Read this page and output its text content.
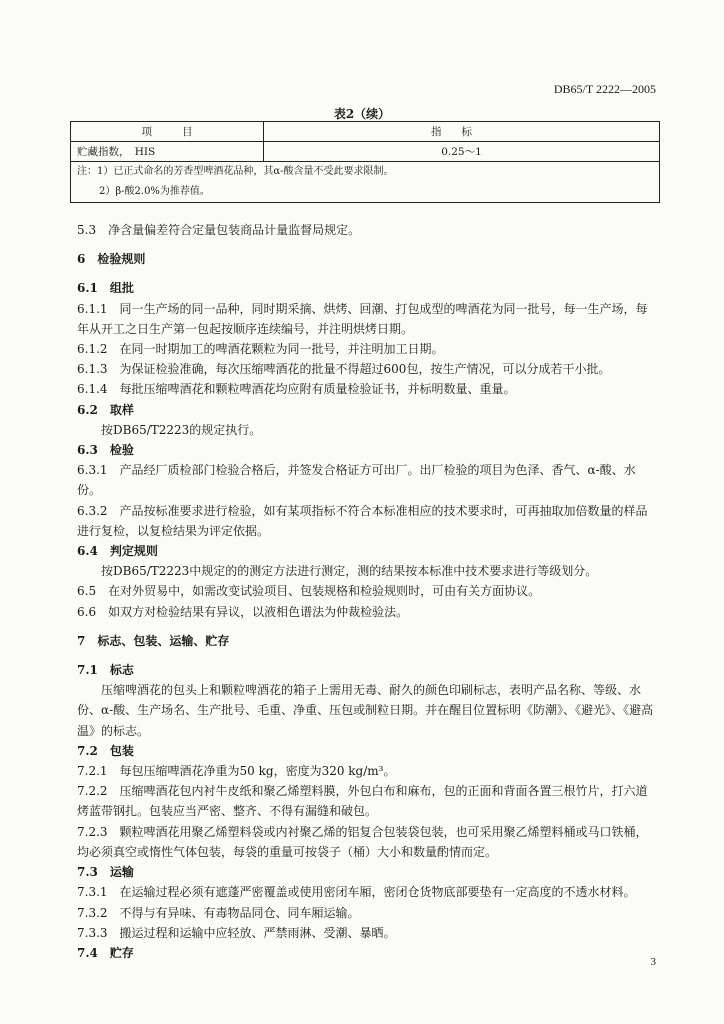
DB65/T 2222—2005
表2（续）
项目	指标
贮藏指数，　HIS	0.25～1

注：1）已正式命名的芳香型啤酒花品种，其α-酸含量不受此要求限制。
2）β-酸2.0%为推荐值。	

5.3　净含量偏差符合定量包装商品计量监督局规定。

6　检验规则

6.1　组批

6.1.1　同一生产场的同一品种，同时期采摘、烘烤、回潮、打包成型的啤酒花为同一批号，每一生产场，每年从开工之日生产第一包起按顺序连续编号，并注明烘烤日期。

6.1.2　在同一时期加工的啤酒花颗粒为同一批号，并注明加工日期。

6.1.3　为保证检验准确，每次压缩啤酒花的批量不得超过600包，按生产情况，可以分成若干小批。

6.1.4　每批压缩啤酒花和颗粒啤酒花均应附有质量检验证书，并标明数量、重量。

6.2　取样

按DB65/T2223的规定执行。

6.3　检验

6.3.1　产品经厂质检部门检验合格后，并签发合格证方可出厂。出厂检验的项目为色泽、香气、α-酸、水份。

6.3.2　产品按标准要求进行检验，如有某项指标不符合本标准相应的技术要求时，可再抽取加倍数量的样品进行复检，以复检结果为评定依据。

6.4　判定规则

按DB65/T2223中规定的的测定方法进行测定，测的结果按本标准中技术要求进行等级划分。

6.5　在对外贸易中，如需改变试验项目、包装规格和检验规则时，可由有关方面协议。

6.6　如双方对检验结果有异议，以液相色谱法为仲裁检验法。

7　标志、包装、运输、贮存

7.1　标志

压缩啤酒花的包头上和颗粒啤酒花的箱子上需用无毒、耐久的颜色印刷标志，表明产品名称、等级、水份、α-酸、生产场名、生产批号、毛重、净重、压包或制粒日期。并在醒目位置标明《防潮》、《避光》、《避高温》的标志。

7.2　包装

7.2.1　每包压缩啤酒花净重为50 kg，密度为320 kg/m³。

7.2.2　压缩啤酒花包内衬牛皮纸和聚乙烯塑料膜，外包白布和麻布，包的正面和背面各置三根竹片，打六道烤蓝带钢扎。包装应当严密、整齐、不得有漏缝和破包。

7.2.3　颗粒啤酒花用聚乙烯塑料袋或内衬聚乙烯的铝复合包装袋包装，也可采用聚乙烯塑料桶或马口铁桶，均必须真空或惰性气体包装，每袋的重量可按袋子（桶）大小和数量酌情而定。

7.3　运输

7.3.1　在运输过程必须有遮蓬严密覆盖或使用密闭车厢，密闭仓货物底部要垫有一定高度的不透水材料。

7.3.2　不得与有异味、有毒物品同仓、同车厢运输。

7.3.3　搬运过程和运输中应轻放、严禁雨淋、受潮、暴晒。

7.4　贮存

3
